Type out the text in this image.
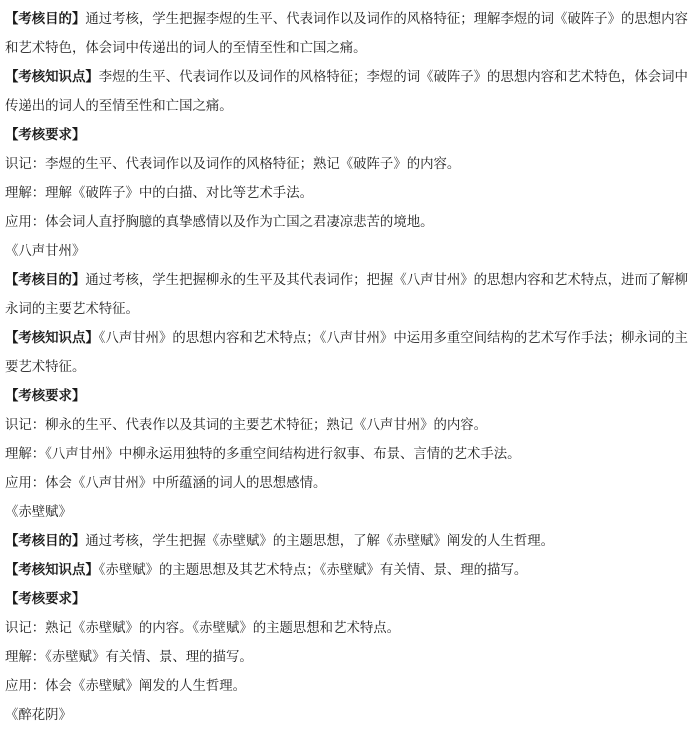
【考核目的】通过考核，学生把握李煜的生平、代表词作以及词作的风格特征；理解李煜的词《破阵子》的思想内容和艺术特色，体会词中传递出的词人的至情至性和亡国之痛。

【考核知识点】李煜的生平、代表词作以及词作的风格特征；李煜的词《破阵子》的思想内容和艺术特色，体会词中传递出的词人的至情至性和亡国之痛。

【考核要求】

识记：李煜的生平、代表词作以及词作的风格特征；熟记《破阵子》的内容。

理解：理解《破阵子》中的白描、对比等艺术手法。

应用：体会词人直抒胸臆的真挚感情以及作为亡国之君凄凉悲苦的境地。

《八声甘州》

【考核目的】通过考核，学生把握柳永的生平及其代表词作；把握《八声甘州》的思想内容和艺术特点，进而了解柳永词的主要艺术特征。

【考核知识点】《八声甘州》的思想内容和艺术特点；《八声甘州》中运用多重空间结构的艺术写作手法；柳永词的主要艺术特征。

【考核要求】

识记：柳永的生平、代表作以及其词的主要艺术特征；熟记《八声甘州》的内容。

理解：《八声甘州》中柳永运用独特的多重空间结构进行叙事、布景、言情的艺术手法。

应用：体会《八声甘州》中所蕴涵的词人的思想感情。

《赤壁赋》

【考核目的】通过考核，学生把握《赤壁赋》的主题思想，了解《赤壁赋》阐发的人生哲理。

【考核知识点】《赤壁赋》的主题思想及其艺术特点；《赤壁赋》有关情、景、理的描写。

【考核要求】

识记：熟记《赤壁赋》的内容。《赤壁赋》的主题思想和艺术特点。

理解：《赤壁赋》有关情、景、理的描写。

应用：体会《赤壁赋》阐发的人生哲理。

《醉花阴》
